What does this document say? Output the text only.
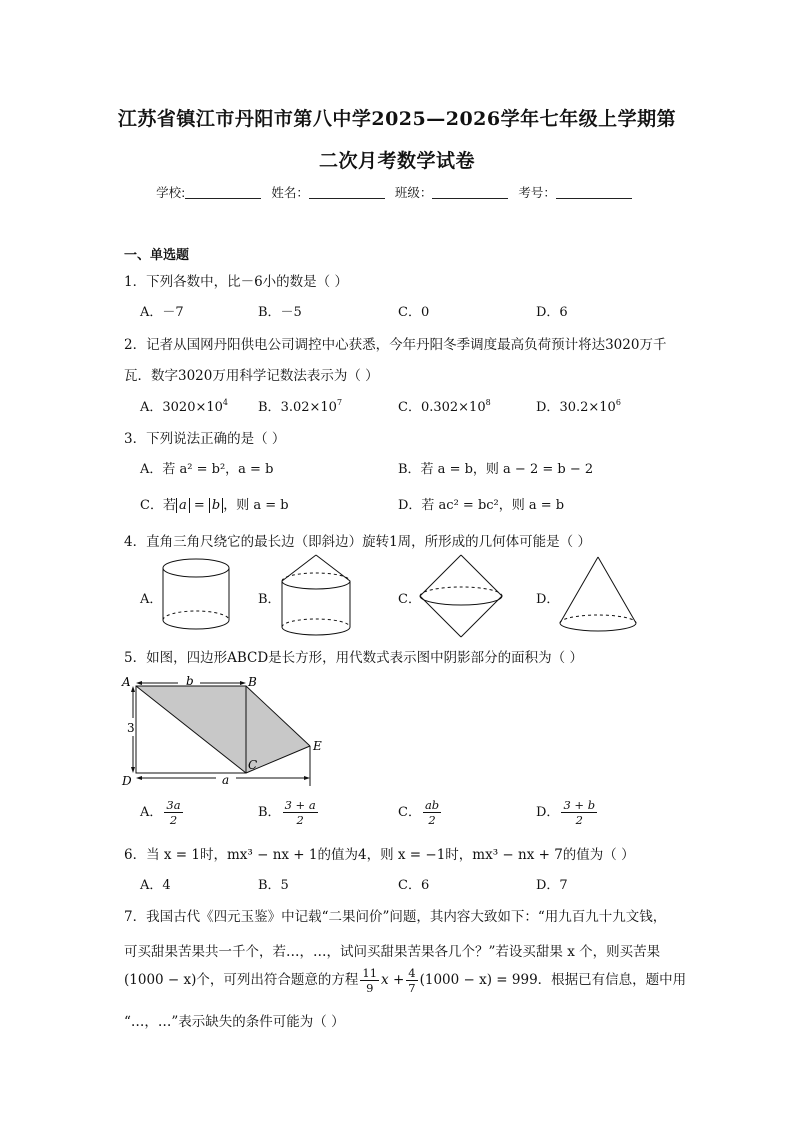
江苏省镇江市丹阳市第八中学2025—2026学年七年级上学期第
二次月考数学试卷
学校:	姓名：	班级：	考号：
一、单选题
1．下列各数中，比－6小的数是（ ）
A．－7	B．－5	C．0	D．6
2．记者从国网丹阳供电公司调控中心获悉，今年丹阳冬季调度最高负荷预计将达3020万千
瓦．数字3020万用科学记数法表示为（ ）
A．$3020\times 10^4$ B．$3.02\times 10^7$	C．$0.302\times 10^8$	D．$30.2\times 10^6$
3．下列说法正确的是（ ）
A．若 a² = b²，a = b	B．若 a = b，则 a − 2 = b − 2
C．若 a = b ，则 a = b	D．若 ac² = bc²，则 a = b
4．直角三角尺绕它的最长边（即斜边）旋转1周，所形成的几何体可能是（ ）
A．	B．	C．	D．
5．如图，四边形ABCD是长方形，用代数式表示图中阴影部分的面积为（ ）
A	B
C
D
E
b
a
3
A． $\frac{3a}{2}$	B． $\frac{3 + a}{2}$	C． $\frac{ab}{2}$	D． $\frac{3 + b}{2}$
6．当 x = 1时，mx³ − nx + 1的值为4，则 x = −1时，mx³ − nx + 7的值为（ ）
A．4	B．5	C．6	D．7
7．我国古代《四元玉鉴》中记载“二果问价”问题，其内容大致如下：“用九百九十九文钱，
可买甜果苦果共一千个，若…，…，试问买甜果苦果各几个？”若设买甜果 x 个，则买苦果
(1000 − x)个，可列出符合题意的方程 $\frac{11}{9}$ $x + \frac{4}{7} (1000 - x) = 999$．根据已有信息，题中用
“…，…”表示缺失的条件可能为（ ）
